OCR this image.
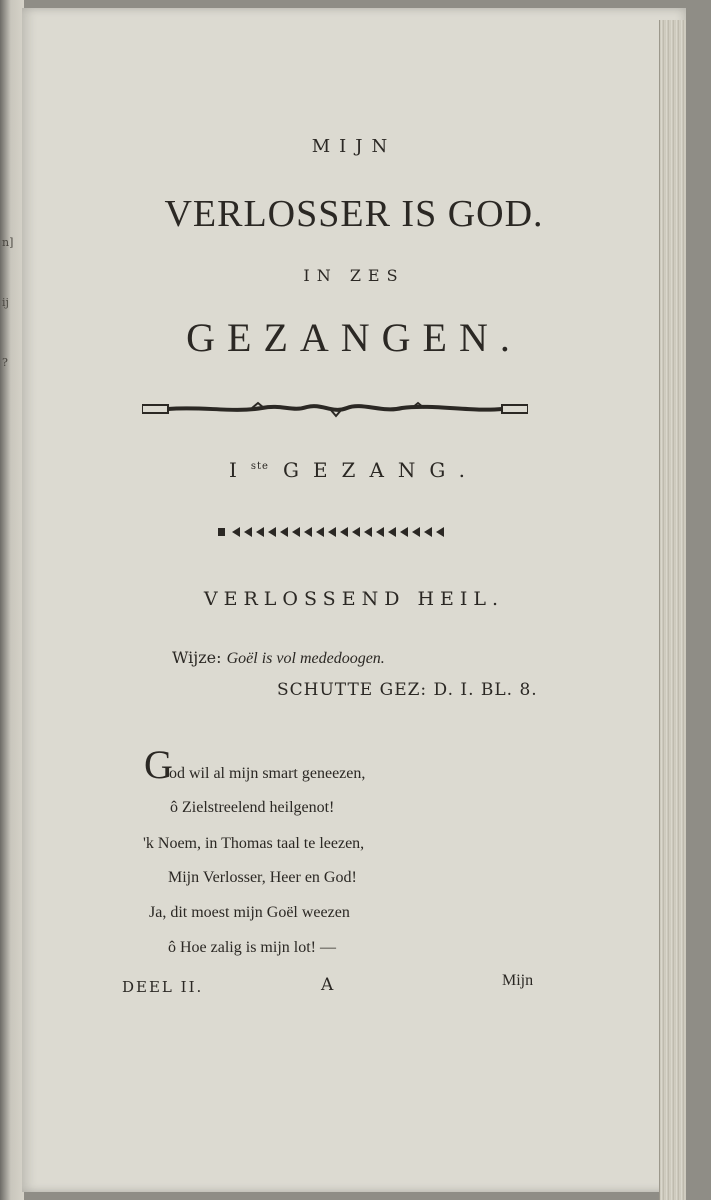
n]
ij
?

MIJN
VERLOSSER IS GOD.
IN ZES
GEZANGEN.
Iste GEZANG.
VERLOSSEND HEIL.
Wijze: Goël is vol mededoogen.
SCHUTTE GEZ: D. I. BL. 8.
G
od wil al mijn smart geneezen,
ô Zielstreelend heilgenot!
'k Noem, in Thomas taal te leezen,
Mijn Verlosser, Heer en God!
Ja, dit moest mijn Goël weezen
ô Hoe zalig is mijn lot! —
DEEL II.	A	Mijn
